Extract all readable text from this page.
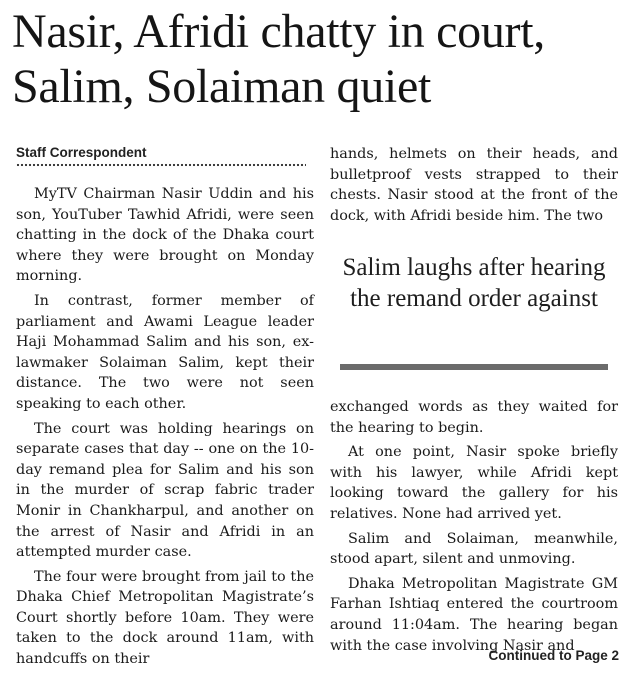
Nasir, Afridi chatty in court,
Salim, Solaiman quiet
Staff Correspondent

MyTV Chairman Nasir Uddin and his son, YouTuber Tawhid Afridi, were seen chatting in the dock of the Dhaka court where they were brought on Monday morning.

In contrast, former member of parliament and Awami League leader Haji Mohammad Salim and his son, ex-lawmaker Solaiman Salim, kept their distance. The two were not seen speaking to each other.

The court was holding hearings on separate cases that day -- one on the 10-day remand plea for Salim and his son in the murder of scrap fabric trader Monir in Chankharpul, and another on the arrest of Nasir and Afridi in an attempted murder case.

The four were brought from jail to the Dhaka Chief Metropolitan Magistrate’s Court shortly before 10am. They were taken to the dock around 11am, with handcuffs on their

hands, helmets on their heads, and bulletproof vests strapped to their chests. Nasir stood at the front of the dock, with Afridi beside him. The two

Salim laughs after hearing the remand order against

exchanged words as they waited for the hearing to begin.

At one point, Nasir spoke briefly with his lawyer, while Afridi kept looking toward the gallery for his relatives. None had arrived yet.

Salim and Solaiman, meanwhile, stood apart, silent and unmoving.

Dhaka Metropolitan Magistrate GM Farhan Ishtiaq entered the courtroom around 11:04am. The hearing began with the case involving Nasir and

Continued to Page 2
